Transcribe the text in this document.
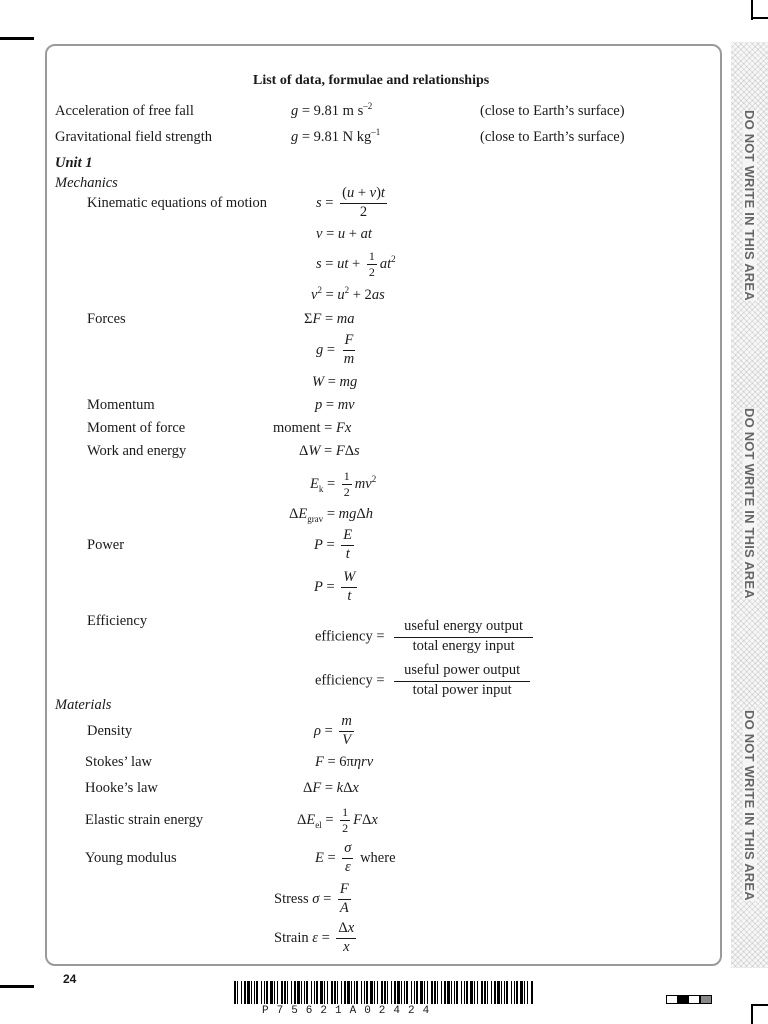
DO NOT WRITE IN THIS AREA
DO NOT WRITE IN THIS AREA
DO NOT WRITE IN THIS AREA
List of data, formulae and relationships
Acceleration of free fall	g = 9.81 m $s^{-2}$	(close to Earth’s surface)
Gravitational field strength	g = 9.81 N $kg^{-1}$	(close to Earth’s surface)
Unit 1
Mechanics
Kinematic equations of motion	$s = \frac{(u + v)t}{2}$
v = u + at
s = ut + $\frac{1}{2} at^2$
$v^2 = u^2 + 2as$
Forces	ΣF = ma
$g = \frac{F}{m}$
W = mg
Momentum	p = mv
Moment of force	moment = Fx
Work and energy	ΔW = FΔs
$E_k = \frac{1}{2} mv^2$
$\Delta E_{grav} = mg\Delta h$
Power	$P = \frac{E}{t}$
$P = \frac{W}{t}$
Efficiency
efficiency = $\frac{\text{useful energy output}}{\text{total energy input}}$
efficiency = $\frac{\text{useful power output}}{\text{total power input}}$
Materials
Density	$\rho = \frac{m}{V}$
Stokes’ law	F = 6πηrv
Hooke’s law	ΔF = kΔx
Elastic strain energy	$\Delta E_{el} = \frac{1}{2}$ FΔx
Young modulus	$E = \frac{\sigma}{\varepsilon}$ where
Stress $\sigma = \frac{F}{A}$
Strain $\varepsilon = \frac{\Delta x}{x}$
24
P75621A02424
